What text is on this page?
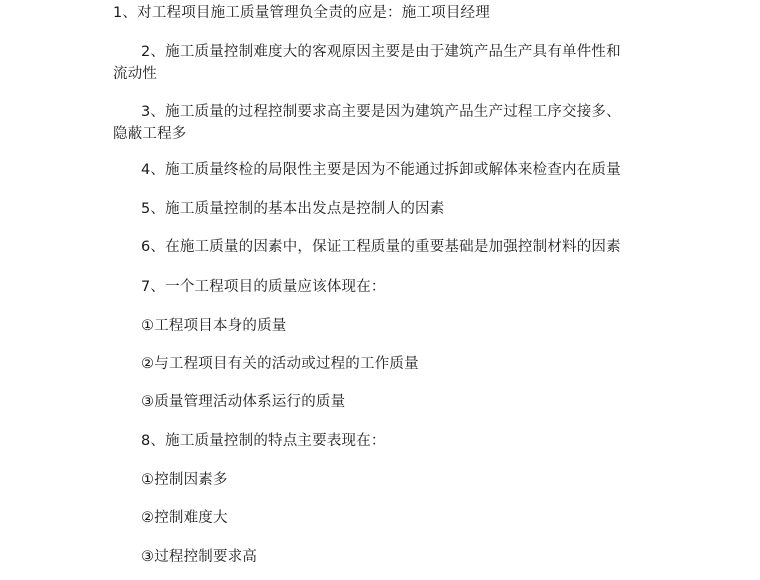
1、对工程项目施工质量管理负全责的应是：施工项目经理
2、施工质量控制难度大的客观原因主要是由于建筑产品生产具有单件性和
流动性
3、施工质量的过程控制要求高主要是因为建筑产品生产过程工序交接多、
隐蔽工程多
4、施工质量终检的局限性主要是因为不能通过拆卸或解体来检查内在质量
5、施工质量控制的基本出发点是控制人的因素
6、在施工质量的因素中，保证工程质量的重要基础是加强控制材料的因素
7、一个工程项目的质量应该体现在：
①工程项目本身的质量
②与工程项目有关的活动或过程的工作质量
③质量管理活动体系运行的质量
8、施工质量控制的特点主要表现在：
①控制因素多
②控制难度大
③过程控制要求高
